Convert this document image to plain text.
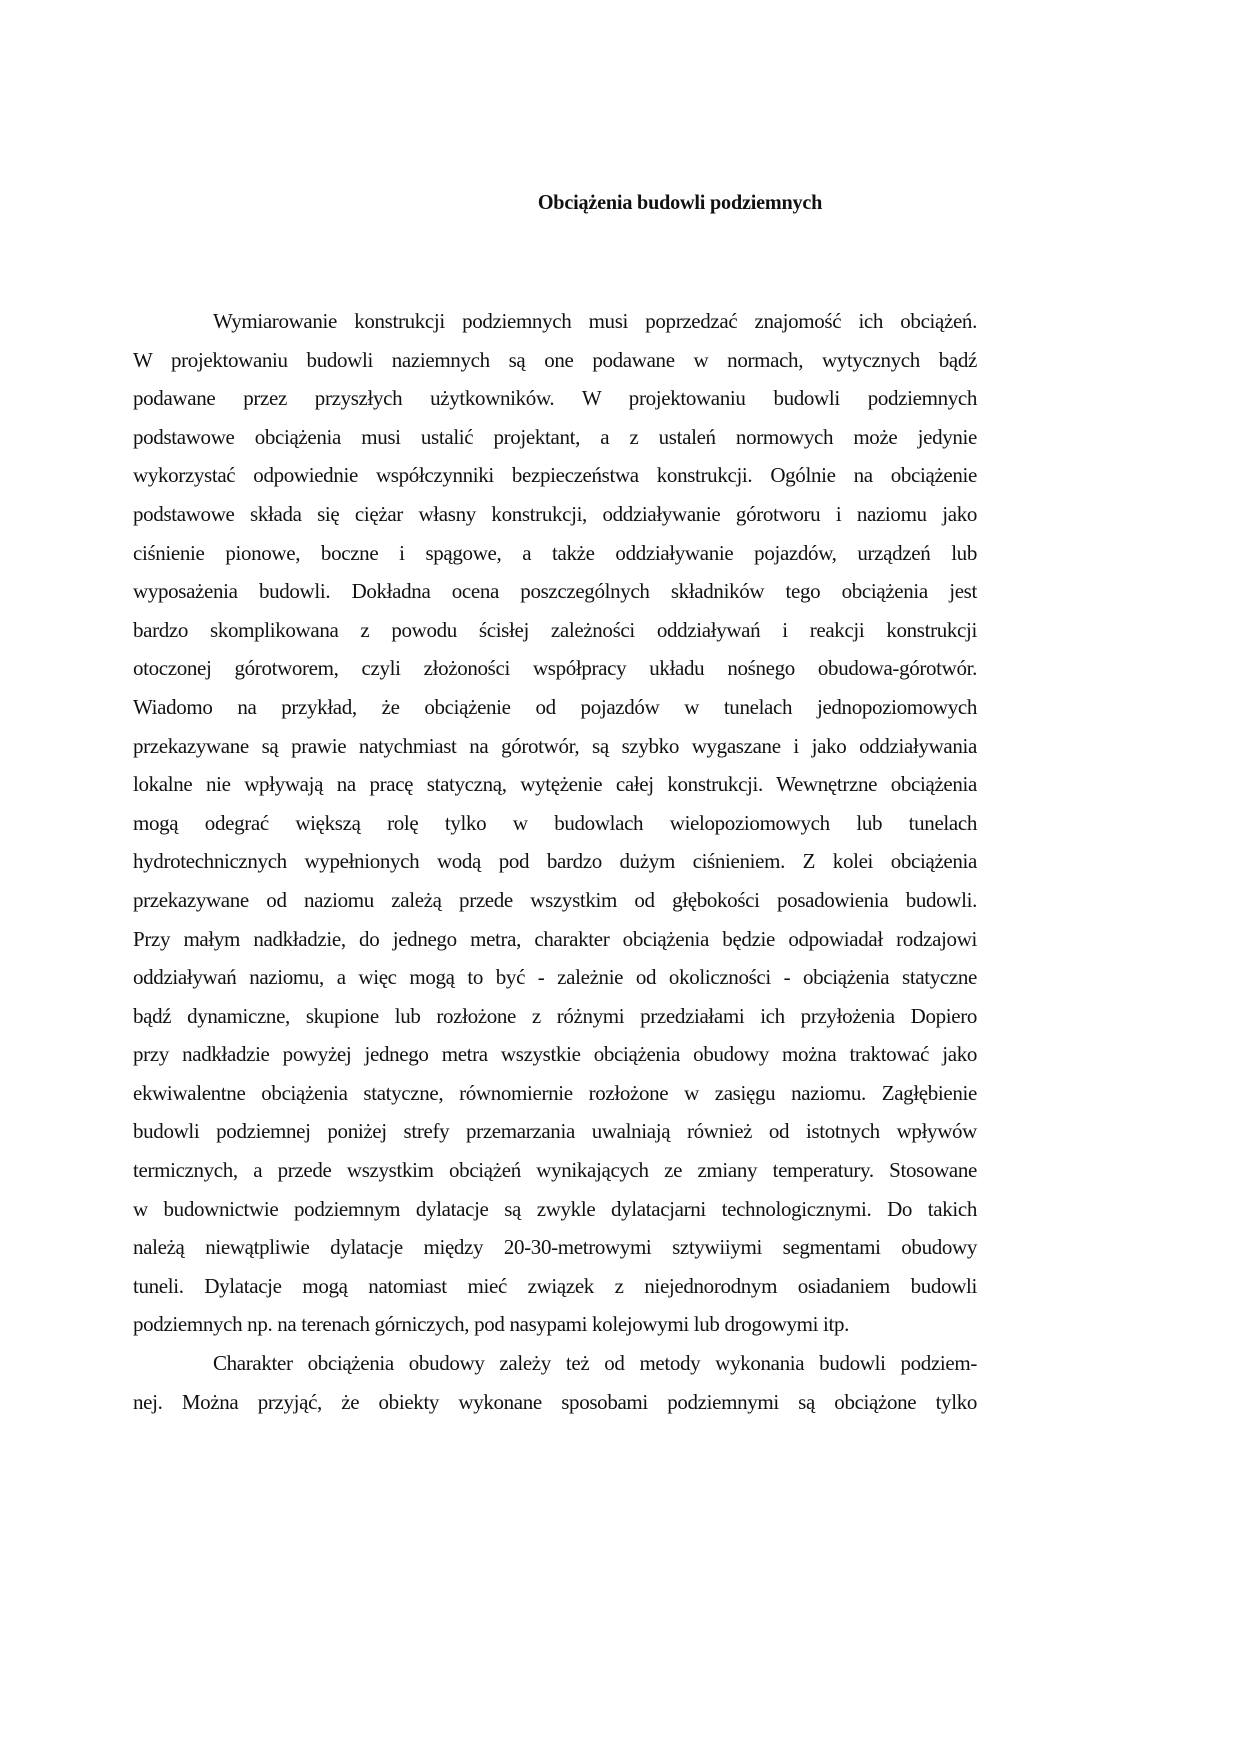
Obciążenia budowli podziemnych
Wymiarowanie konstrukcji podziemnych musi poprzedzać znajomość ich obciążeń.
W projektowaniu budowli naziemnych są one podawane w normach, wytycznych bądź
podawane przez przyszłych użytkowników. W projektowaniu budowli podziemnych
podstawowe obciążenia musi ustalić projektant, a z ustaleń normowych może jedynie
wykorzystać odpowiednie współczynniki bezpieczeństwa konstrukcji. Ogólnie na obciążenie
podstawowe składa się ciężar własny konstrukcji, oddziaływanie górotworu i naziomu jako
ciśnienie pionowe, boczne i spągowe, a także oddziaływanie pojazdów, urządzeń lub
wyposażenia budowli. Dokładna ocena poszczególnych składników tego obciążenia jest
bardzo skomplikowana z powodu ścisłej zależności oddziaływań i reakcji konstrukcji
otoczonej górotworem, czyli złożoności współpracy układu nośnego obudowa-górotwór.
Wiadomo na przykład, że obciążenie od pojazdów w tunelach jednopoziomowych
przekazywane są prawie natychmiast na górotwór, są szybko wygaszane i jako oddziaływania
lokalne nie wpływają na pracę statyczną, wytężenie całej konstrukcji. Wewnętrzne obciążenia
mogą odegrać większą rolę tylko w budowlach wielopoziomowych lub tunelach
hydrotechnicznych wypełnionych wodą pod bardzo dużym ciśnieniem. Z kolei obciążenia
przekazywane od naziomu zależą przede wszystkim od głębokości posadowienia budowli.
Przy małym nadkładzie, do jednego metra, charakter obciążenia będzie odpowiadał rodzajowi
oddziaływań naziomu, a więc mogą to być - zależnie od okoliczności - obciążenia statyczne
bądź dynamiczne, skupione lub rozłożone z różnymi przedziałami ich przyłożenia Dopiero
przy nadkładzie powyżej jednego metra wszystkie obciążenia obudowy można traktować jako
ekwiwalentne obciążenia statyczne, równomiernie rozłożone w zasięgu naziomu. Zagłębienie
budowli podziemnej poniżej strefy przemarzania uwalniają również od istotnych wpływów
termicznych, a przede wszystkim obciążeń wynikających ze zmiany temperatury. Stosowane
w budownictwie podziemnym dylatacje są zwykle dylatacjarni technologicznymi. Do takich
należą niewątpliwie dylatacje między 20-30-metrowymi sztywiiymi segmentami obudowy
tuneli. Dylatacje mogą natomiast mieć związek z niejednorodnym osiadaniem budowli
podziemnych np. na terenach górniczych, pod nasypami kolejowymi lub drogowymi itp.
Charakter obciążenia obudowy zależy też od metody wykonania budowli podziem-
nej. Można przyjąć, że obiekty wykonane sposobami podziemnymi są obciążone tylko
